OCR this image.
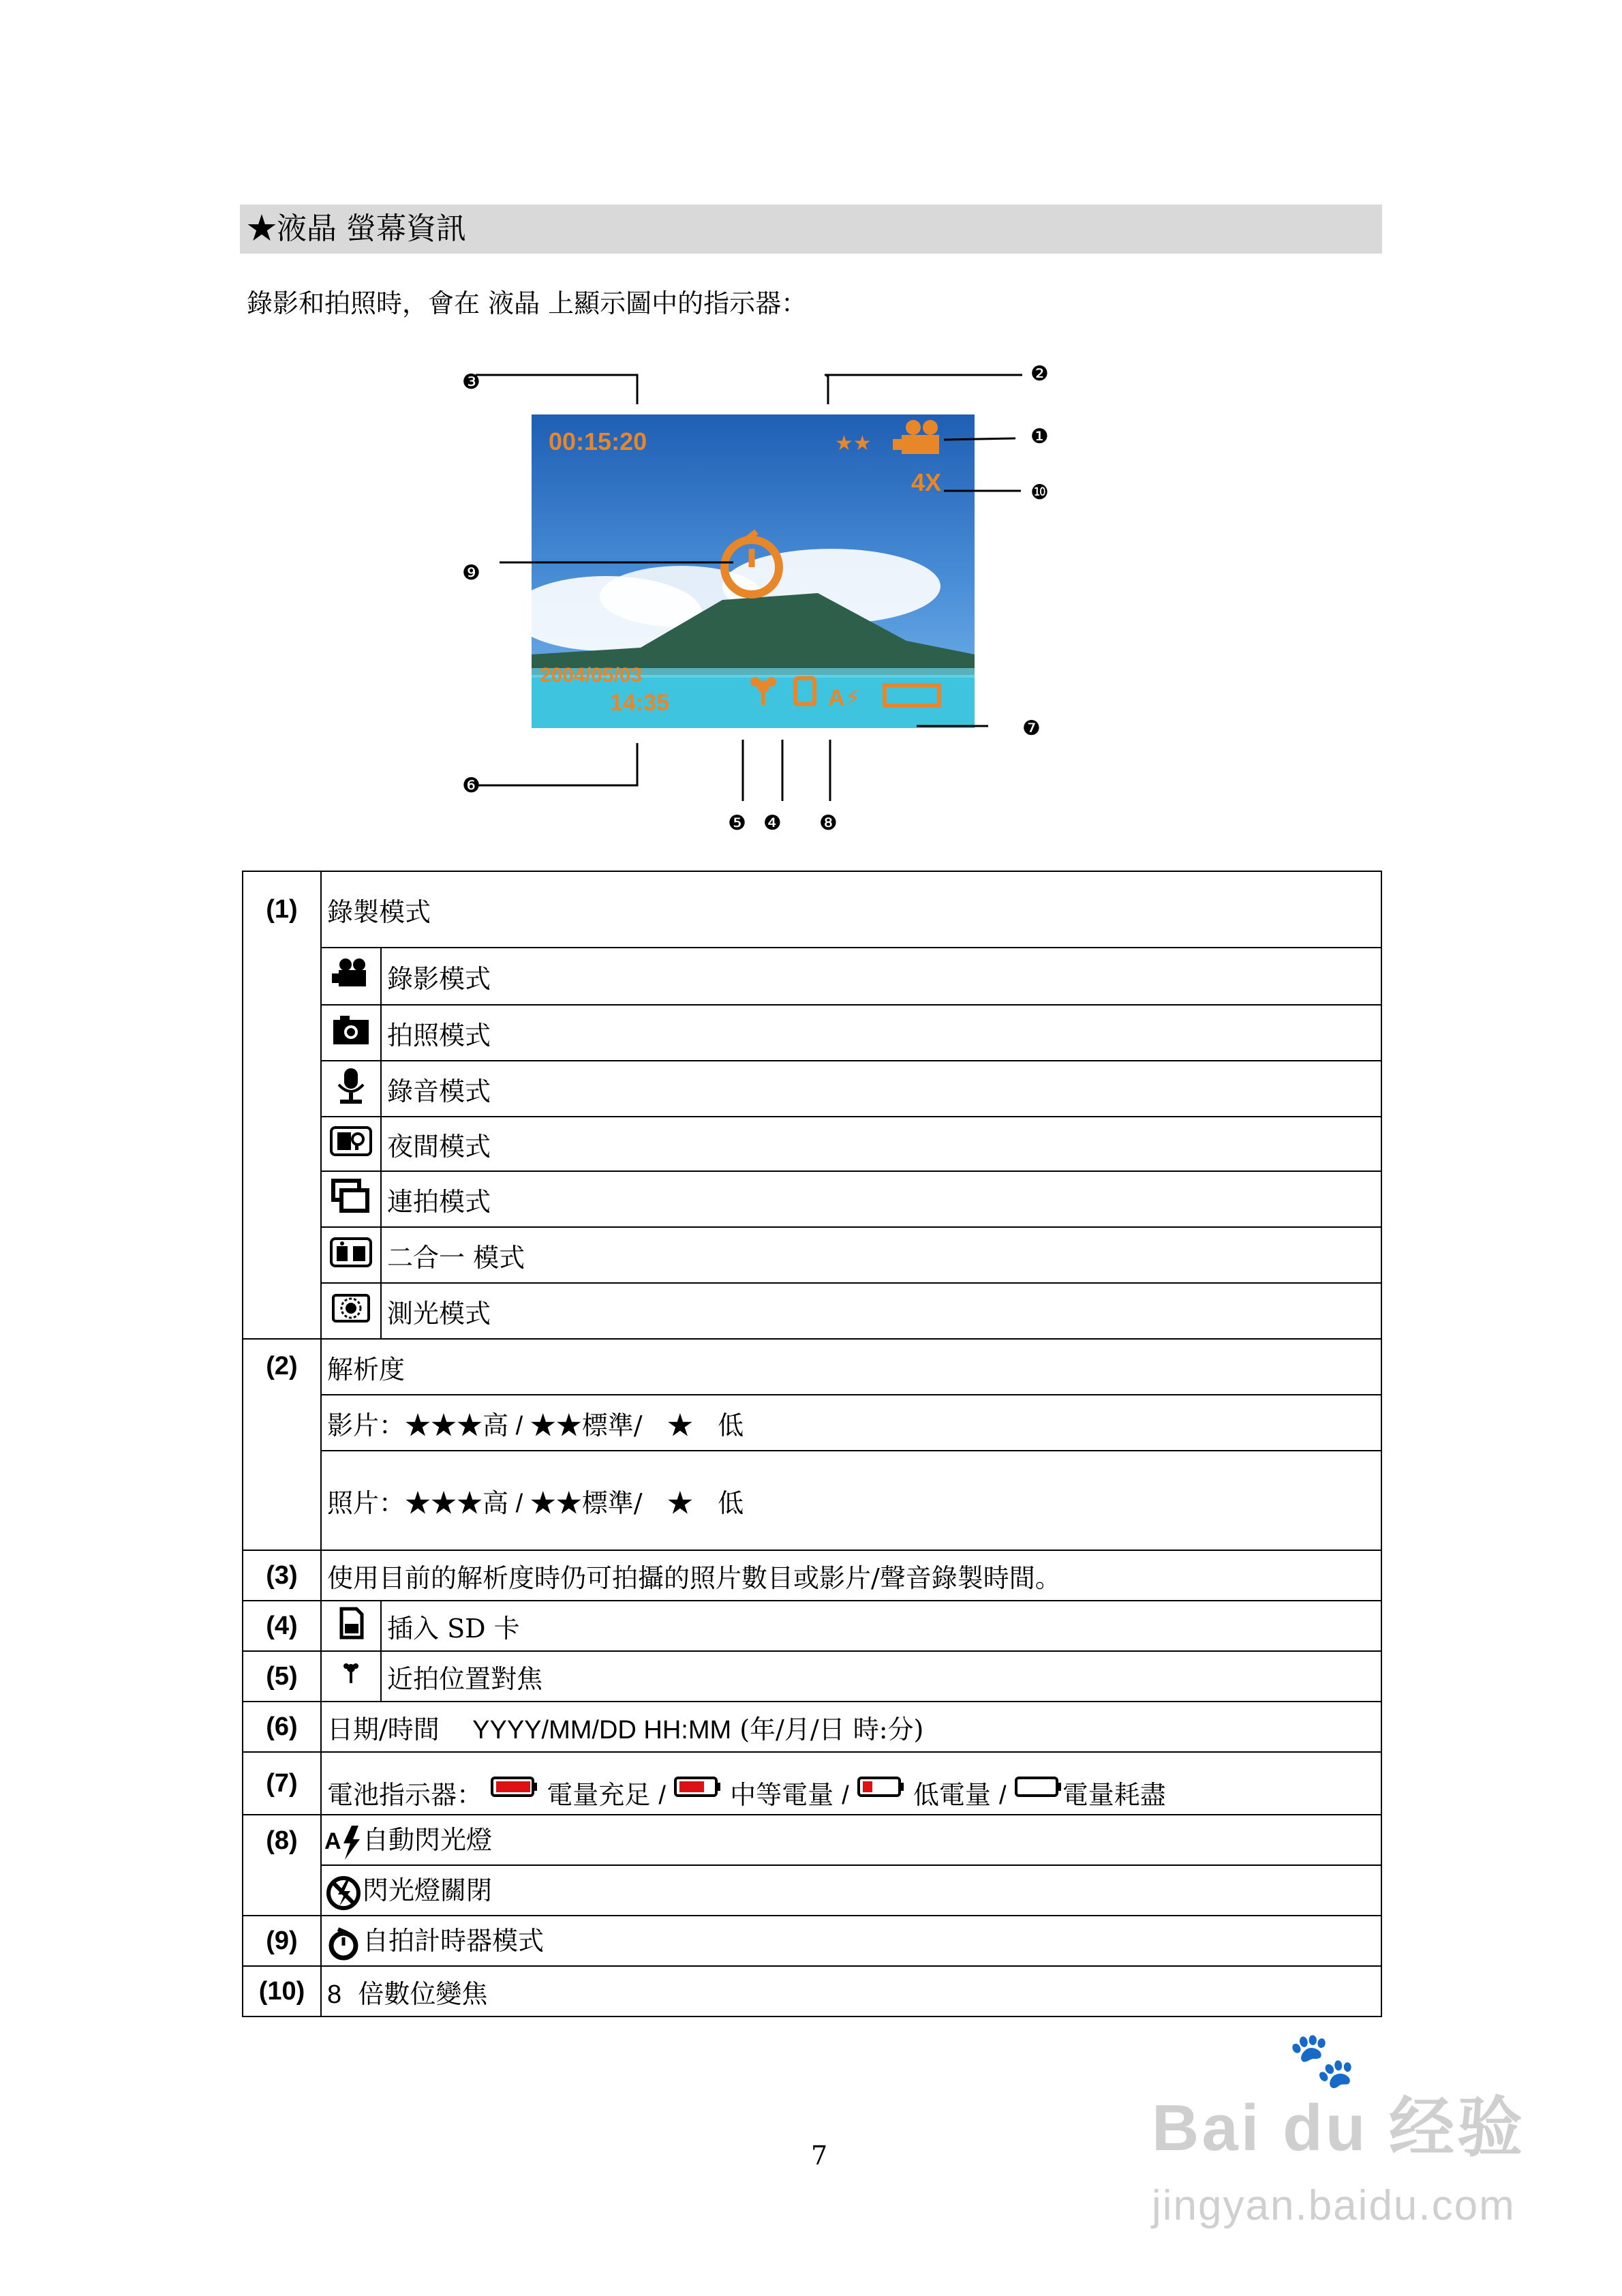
★液晶 螢幕資訊
錄影和拍照時，會在 液晶 上顯示圖中的指示器：
00:15:20	★★
4X
2004/05/03
14:35	A⚡
❸	❷
❶
❿
❾
❼
❻
❺ ❹ ❽
(1)	錄製模式	
	錄影模式
	拍照模式
	錄音模式
	夜間模式
	連拍模式
	二合一 模式
	測光模式
(2)	解析度	
	影片：★★★高 / ★★標準/ ★ 低	
	照片：★★★高 / ★★標準/ ★ 低	
(3)	使用目前的解析度時仍可拍攝的照片數目或影片/聲音錄製時間。	
(4)		插入 SD 卡
(5)		近拍位置對焦
(6)	日期/時間 YYYY/MM/DD HH:MM (年/月/日 時:分)	
(7)	電池指示器： 電量充足 / 中等電量 / 低電量 / 電量耗盡	
(8)	A 自動閃光燈	
	閃光燈關閉	
(9)	自拍計時器模式	
(10)	8 倍數位變焦	
7
🐾
Bai du 经验
jingyan.baidu.com
